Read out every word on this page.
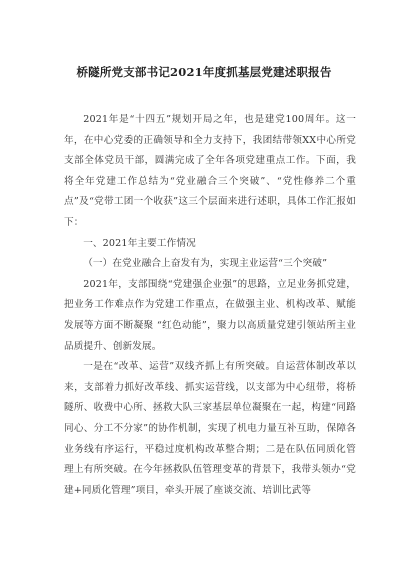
桥隧所党支部书记2021年度抓基层党建述职报告

2021年是“十四五”规划开局之年，也是建党100周年。这一年，在中心党委的正确领导和全力支持下，我团结带领XX中心所党支部全体党员干部，圆满完成了全年各项党建重点工作。下面，我将全年党建工作总结为“党业融合三个突破”、“党性修养二个重点”及“党带工团一个收获”这三个层面来进行述职，具体工作汇报如下：

一、2021年主要工作情况

（一）在党业融合上奋发有为，实现主业运营“三个突破”

2021年，支部围绕“党建强企业强”的思路，立足业务抓党建，把业务工作难点作为党建工作重点，在做强主业、机构改革、赋能发展等方面不断凝聚 “红色动能”，聚力以高质量党建引领站所主业品质提升、创新发展。

一是在“改革、运营”双线齐抓上有所突破。自运营体制改革以来，支部着力抓好改革线、抓实运营线，以支部为中心纽带，将桥隧所、收费中心所、拯救大队三家基层单位凝聚在一起，构建“同路同心、分工不分家”的协作机制，实现了机电力量互补互助，保障各业务线有序运行，平稳过度机构改革整合期；二是在队伍同质化管理上有所突破。在今年拯救队伍管理变革的背景下，我带头领办“党建+同质化管理”项目，牵头开展了座谈交流、培训比武等
